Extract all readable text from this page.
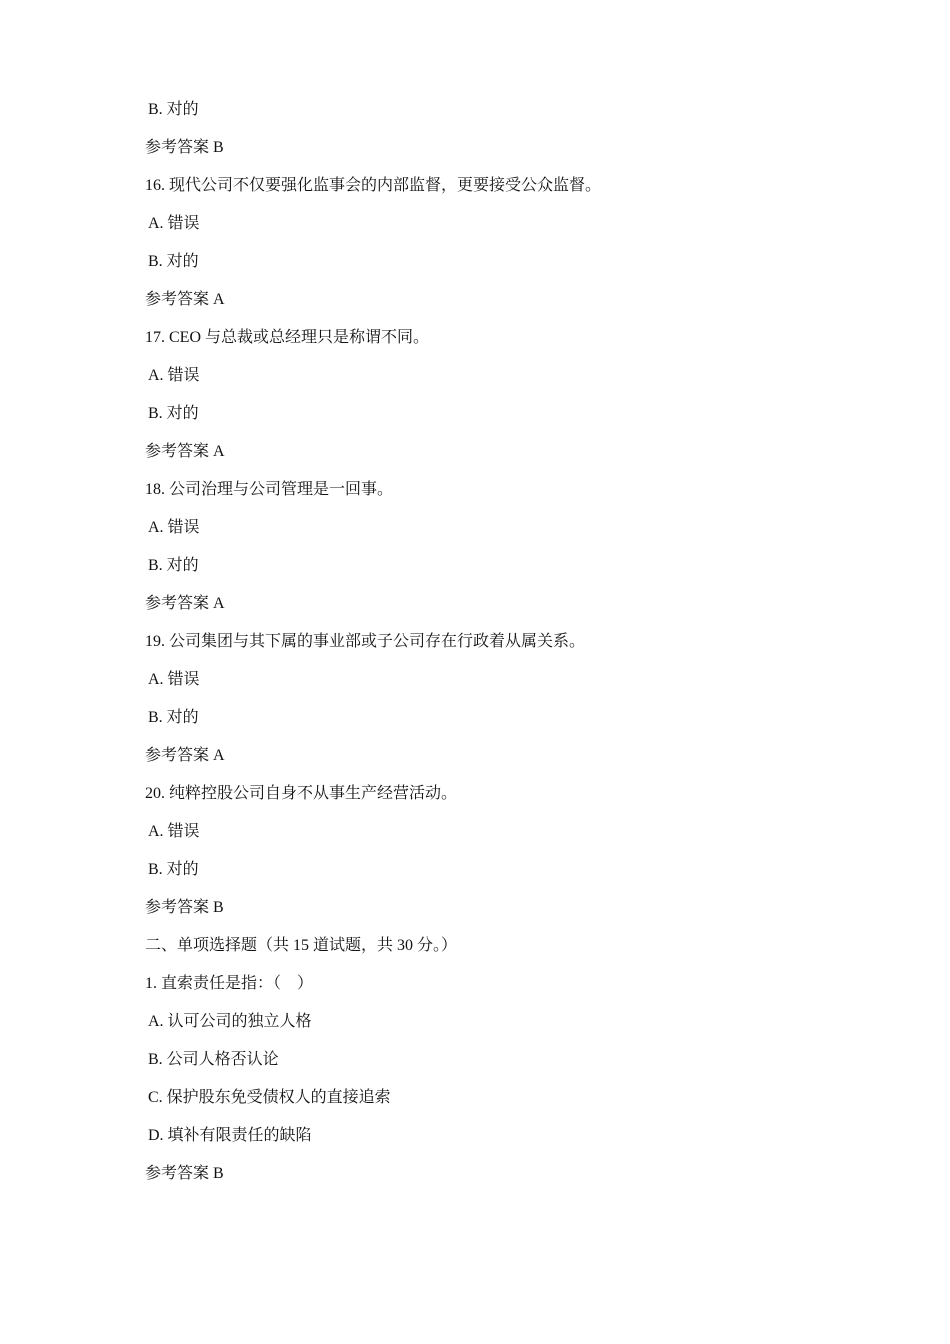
B. 对的
参考答案 B
16. 现代公司不仅要强化监事会的内部监督，更要接受公众监督。
A. 错误
B. 对的
参考答案 A
17. CEO 与总裁或总经理只是称谓不同。
A. 错误
B. 对的
参考答案 A
18. 公司治理与公司管理是一回事。
A. 错误
B. 对的
参考答案 A
19. 公司集团与其下属的事业部或子公司存在行政着从属关系。
A. 错误
B. 对的
参考答案 A
20. 纯粹控股公司自身不从事生产经营活动。
A. 错误
B. 对的
参考答案 B
二、单项选择题（共 15 道试题，共 30 分。）
1. 直索责任是指：（　）
A. 认可公司的独立人格
B. 公司人格否认论
C. 保护股东免受债权人的直接追索
D. 填补有限责任的缺陷
参考答案 B
